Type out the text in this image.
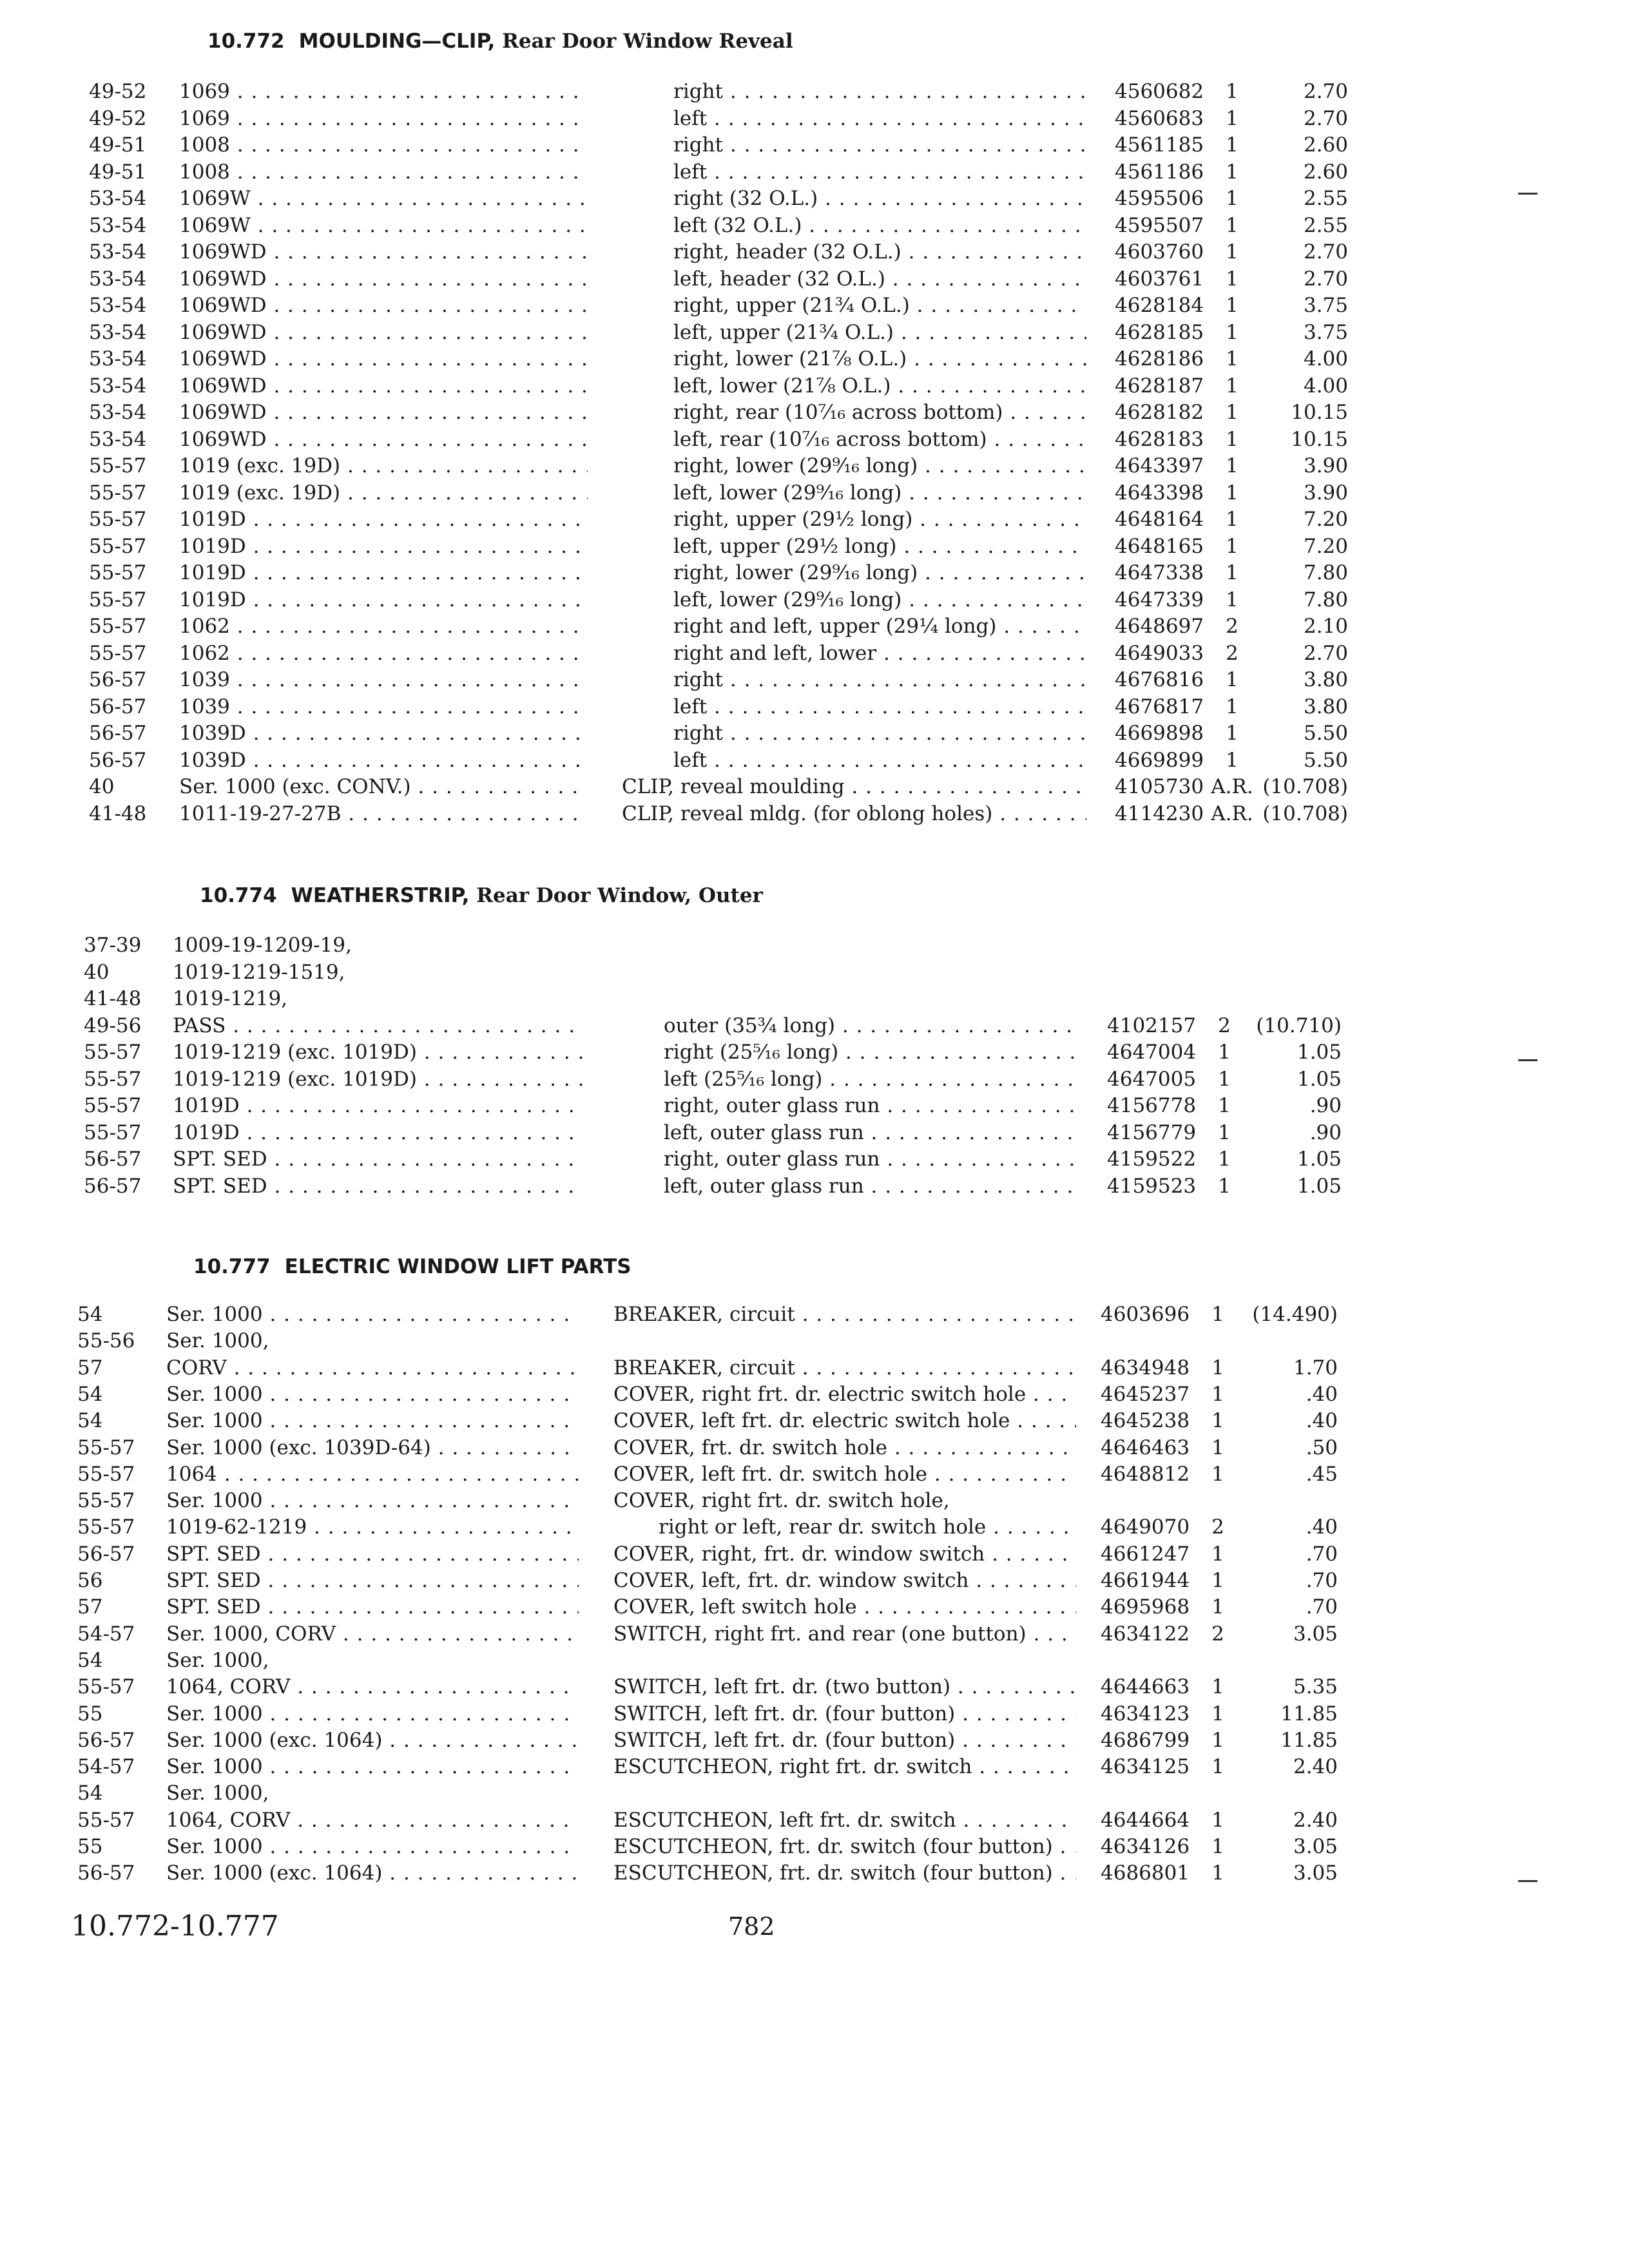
10.772 MOULDING—CLIP, Rear Door Window Reveal
49-52 1069 . . .	right . . .	4560682	1	2.70
49-52 1069 . . .	left . . .	4560683	1	2.70
49-51 1008 . . .	right . . .	4561185	1	2.60
49-51 1008 . . .	left . . .	4561186	1	2.60
53-54 1069W . . .	right (32 O.L.) . . .	4595506	1	2.55
53-54 1069W . . .	left (32 O.L.) . . .	4595507	1	2.55
53-54 1069WD . . .	right, header (32 O.L.) . . .	4603760	1	2.70
53-54 1069WD . . .	left, header (32 O.L.) . . .	4603761	1	2.70
53-54 1069WD . . .	right, upper (21¾ O.L.) . . .	4628184	1	3.75
53-54 1069WD . . .	left, upper (21¾ O.L.) . . .	4628185	1	3.75
53-54 1069WD . . .	right, lower (21⅞ O.L.) . . .	4628186	1	4.00
53-54 1069WD . . .	left, lower (21⅞ O.L.) . . .	4628187	1	4.00
53-54 1069WD . . .	right, rear (10⁷⁄₁₆ across bottom) . . .	4628182	1	10.15
53-54 1069WD . . .	left, rear (10⁷⁄₁₆ across bottom) . . .	4628183	1	10.15
55-57 1019 (exc. 19D) . . .	right, lower (29⁹⁄₁₆ long) . . .	4643397	1	3.90
55-57 1019 (exc. 19D) . . .	left, lower (29⁹⁄₁₆ long) . . .	4643398	1	3.90
55-57 1019D . . .	right, upper (29½ long) . . .	4648164	1	7.20
55-57 1019D . . .	left, upper (29½ long) . . .	4648165	1	7.20
55-57 1019D . . .	right, lower (29⁹⁄₁₆ long) . . .	4647338	1	7.80
55-57 1019D . . .	left, lower (29⁹⁄₁₆ long) . . .	4647339	1	7.80
55-57 1062 . . .	right and left, upper (29¼ long) . . .	4648697	2	2.10
55-57 1062 . . .	right and left, lower . . .	4649033	2	2.70
56-57 1039 . . .	right . . .	4676816	1	3.80
56-57 1039 . . .	left . . .	4676817	1	3.80
56-57 1039D . . .	right . . .	4669898	1	5.50
56-57 1039D . . .	left . . .	4669899	1	5.50
40	Ser. 1000 (exc. CONV.) . . .	CLIP, reveal moulding . . .	4105730 A.R. (10.708)
41-48 1011-19-27-27B . . .	CLIP, reveal mldg. (for oblong holes) . . .	4114230 A.R. (10.708)
10.774 WEATHERSTRIP, Rear Door Window, Outer
37-39 1009-19-1209-19,
40	1019-1219-1519,
41-48 1019-1219,
49-56 PASS . . .	outer (35¾ long) . . .	4102157	2	(10.710)
55-57 1019-1219 (exc. 1019D) . . .	right (25⁵⁄₁₆ long) . . .	4647004	1	1.05
55-57 1019-1219 (exc. 1019D) . . .	left (25⁵⁄₁₆ long) . . .	4647005	1	1.05
55-57 1019D . . .	right, outer glass run . . .	4156778	1	.90
55-57 1019D . . .	left, outer glass run . . .	4156779	1	.90
56-57 SPT. SED . . .	right, outer glass run . . .	4159522	1	1.05
56-57 SPT. SED . . .	left, outer glass run . . .	4159523	1	1.05
10.777 ELECTRIC WINDOW LIFT PARTS
54	Ser. 1000 . . .	BREAKER, circuit . . .	4603696	1	(14.490)
55-56 Ser. 1000,
57	CORV . . .	BREAKER, circuit . . .	4634948	1	1.70
54	Ser. 1000 . . .	COVER, right frt. dr. electric switch hole . . .	4645237	1	.40
54	Ser. 1000 . . .	COVER, left frt. dr. electric switch hole . . .	4645238	1	.40
55-57 Ser. 1000 (exc. 1039D-64) . . .	COVER, frt. dr. switch hole . . .	4646463	1	.50
55-57 1064 . . .	COVER, left frt. dr. switch hole . . .	4648812	1	.45
55-57 Ser. 1000 . . .	COVER, right frt. dr. switch hole,
55-57 1019-62-1219 . . .	right or left, rear dr. switch hole . . .	4649070	2	.40
56-57 SPT. SED . . .	COVER, right, frt. dr. window switch . . .	4661247	1	.70
56	SPT. SED . . .	COVER, left, frt. dr. window switch . . .	4661944	1	.70
57	SPT. SED . . .	COVER, left switch hole . . .	4695968	1	.70
54-57 Ser. 1000, CORV . . .	SWITCH, right frt. and rear (one button) . . .	4634122	2	3.05
54	Ser. 1000,
55-57 1064, CORV . . .	SWITCH, left frt. dr. (two button) . . .	4644663	1	5.35
55	Ser. 1000 . . .	SWITCH, left frt. dr. (four button) . . .	4634123	1	11.85
56-57 Ser. 1000 (exc. 1064) . . .	SWITCH, left frt. dr. (four button) . . .	4686799	1	11.85
54-57 Ser. 1000 . . .	ESCUTCHEON, right frt. dr. switch . . .	4634125	1	2.40
54	Ser. 1000,
55-57 1064, CORV . . .	ESCUTCHEON, left frt. dr. switch . . .	4644664	1	2.40
55	Ser. 1000 . . .	ESCUTCHEON, frt. dr. switch (four button) . . .	4634126	1	3.05
56-57 Ser. 1000 (exc. 1064) . . .	ESCUTCHEON, frt. dr. switch (four button) . . .	4686801	1	3.05
10.772-10.777	782
